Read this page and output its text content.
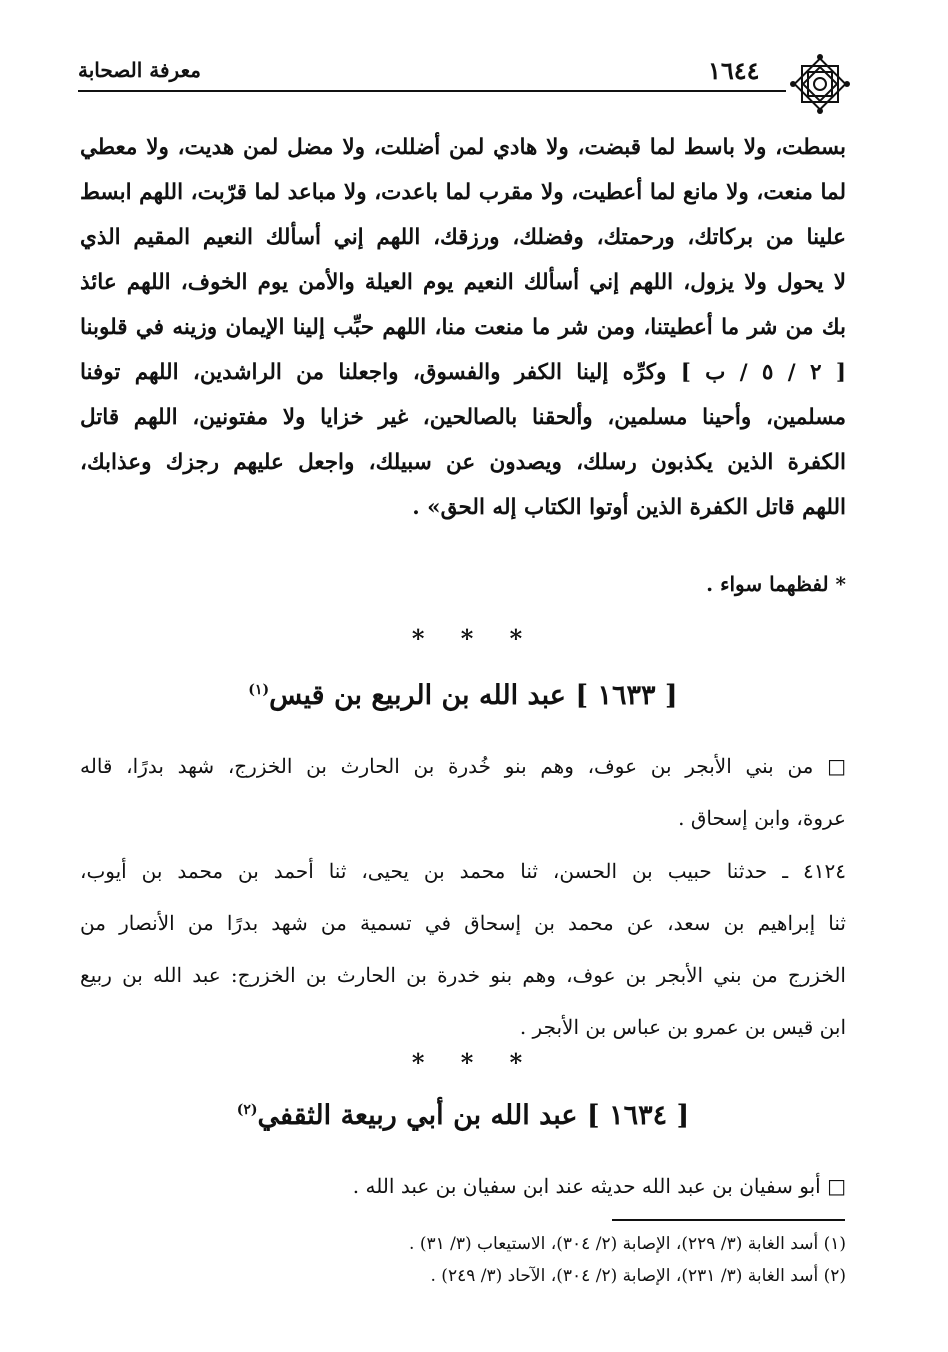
معرفة الصحابة	١٦٤٤
بسطت، ولا باسط لما قبضت، ولا هادي لمن أضللت، ولا مضل لمن هديت، ولا معطي
لما منعت، ولا مانع لما أعطيت، ولا مقرب لما باعدت، ولا مباعد لما قرّبت، اللهم ابسط
علينا من بركاتك، ورحمتك، وفضلك، ورزقك، اللهم إني أسألك النعيم المقيم الذي
لا يحول ولا يزول، اللهم إني أسألك النعيم يوم العيلة والأمن يوم الخوف، اللهم عائذ
بك من شر ما أعطيتنا، ومن شر ما منعت منا، اللهم حبِّب إلينا الإيمان وزينه في قلوبنا
[ ٢ / ٥ / ب ] وكرِّه إلينا الكفر والفسوق، واجعلنا من الراشدين، اللهم توفنا
مسلمين، وأحينا مسلمين، وألحقنا بالصالحين، غير خزايا ولا مفتونين، اللهم قاتل
الكفرة الذين يكذبون رسلك، ويصدون عن سبيلك، واجعل عليهم رجزك وعذابك،
اللهم قاتل الكفرة الذين أوتوا الكتاب إله الحق» .
* لفظهما سواء .
* * *
[ ١٦٣٣ ] عبد الله بن الربيع بن قيس$^{(١)}$
□ من بني الأبجر بن عوف، وهم بنو خُدرة بن الحارث بن الخزرج، شهد بدرًا، قاله
عروة، وابن إسحاق .
٤١٢٤ ـ حدثنا حبيب بن الحسن، ثنا محمد بن يحيى، ثنا أحمد بن محمد بن أيوب،
ثنا إبراهيم بن سعد، عن محمد بن إسحاق في تسمية من شهد بدرًا من الأنصار من
الخزرج من بني الأبجر بن عوف، وهم بنو خدرة بن الحارث بن الخزرج: عبد الله بن ربيع
ابن قيس بن عمرو بن عباس بن الأبجر .
* * *
[ ١٦٣٤ ] عبد الله بن أبي ربيعة الثقفي$^{(٢)}$
□ أبو سفيان بن عبد الله حديثه عند ابن سفيان بن عبد الله .
(١) أسد الغابة (٣/ ٢٢٩)، الإصابة (٢/ ٣٠٤)، الاستيعاب (٣/ ٣١) .
(٢) أسد الغابة (٣/ ٢٣١)، الإصابة (٢/ ٣٠٤)، الآحاد (٣/ ٢٤٩) .
